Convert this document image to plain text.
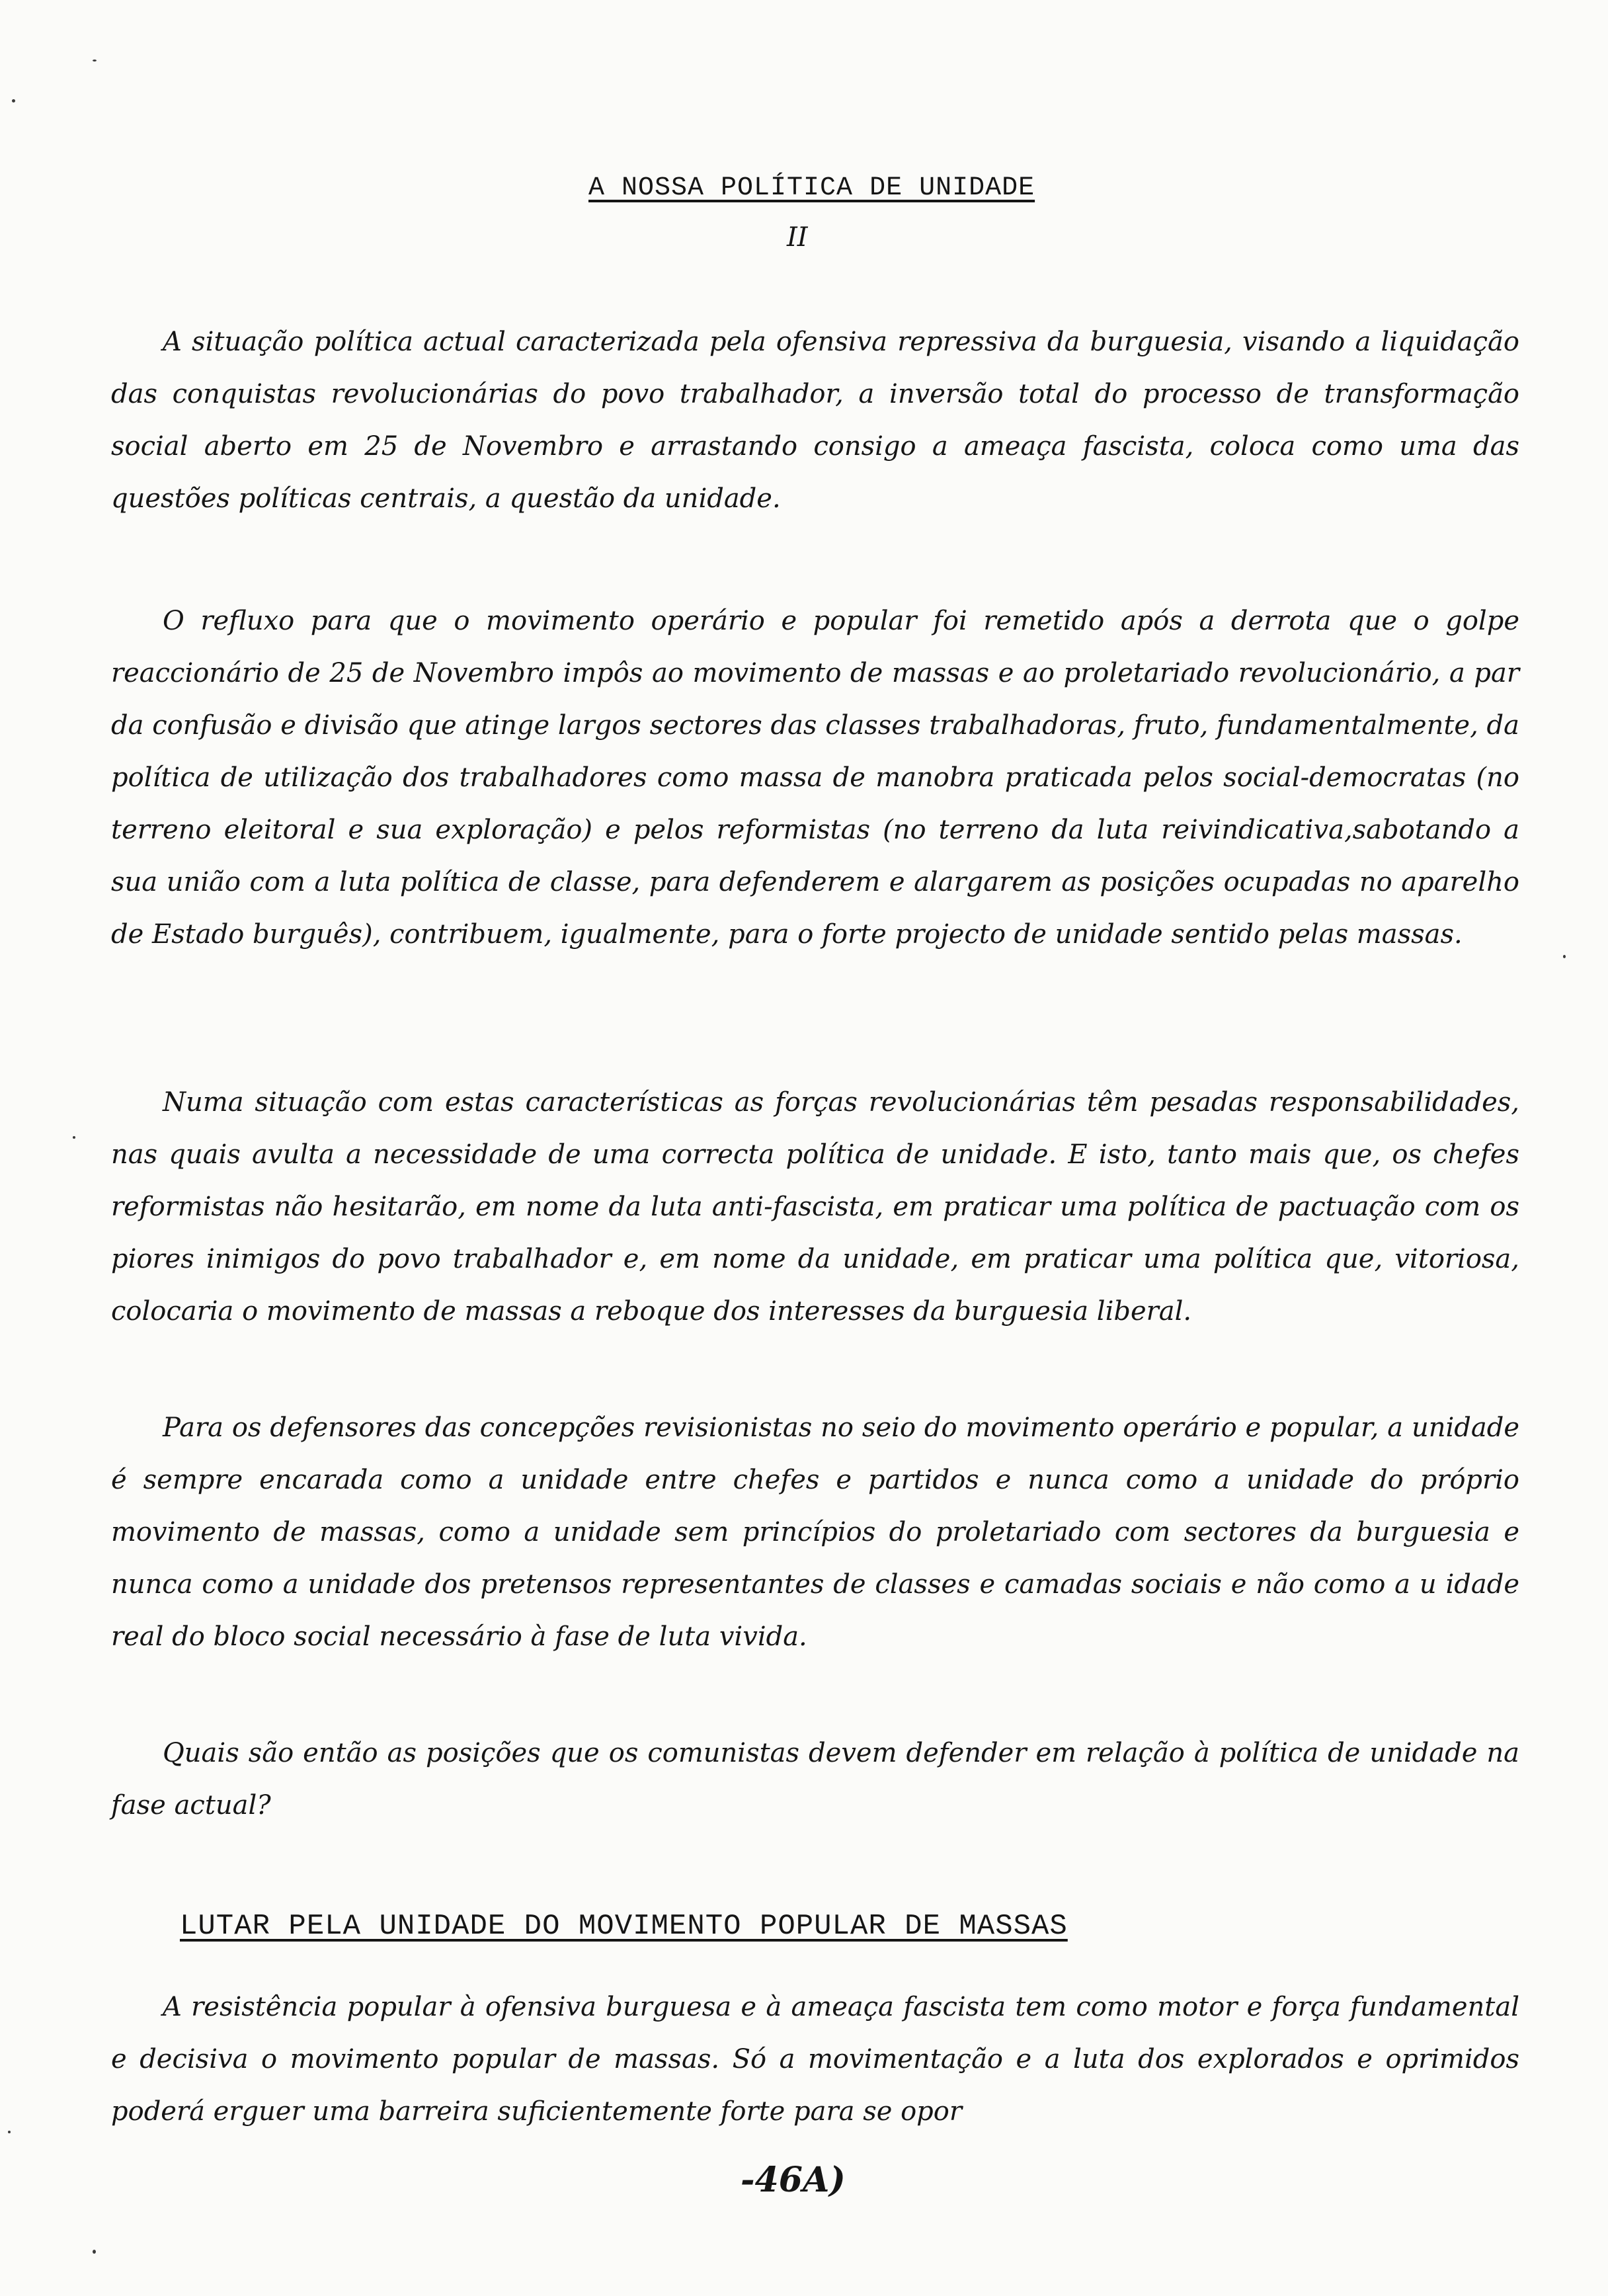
A NOSSA POLÍTICA DE UNIDADE
II

A situação política actual caracterizada pela ofensiva repressiva da burguesia, visando a liquidação das conquistas revolucionárias do povo trabalhador, a inversão total do processo de transformação social aberto em 25 de Novembro e arrastando consigo a ameaça fascista, coloca como uma das questões políticas centrais, a questão da unidade.

O refluxo para que o movimento operário e popular foi remetido após a derrota que o golpe reaccionário de 25 de Novembro impôs ao movimento de massas e ao proletariado revolucionário, a par da confusão e divisão que atinge largos sectores das classes trabalhadoras, fruto, fundamentalmente, da política de utilização dos trabalhadores como massa de manobra praticada pelos social-democratas (no terreno eleitoral e sua exploração) e pelos reformistas (no terreno da luta reivindicativa,sabotando a sua união com a luta política de classe, para defenderem e alargarem as posições ocupadas no aparelho de Estado burguês), contribuem, igualmente, para o forte projecto de unidade sentido pelas massas.

Numa situação com estas características as forças revolucionárias têm pesadas responsabilidades, nas quais avulta a necessidade de uma correcta política de unidade. E isto, tanto mais que, os chefes reformistas não hesitarão, em nome da luta anti-fascista, em praticar uma política de pactuação com os piores inimigos do povo trabalhador e, em nome da unidade, em praticar uma política que, vitoriosa, colocaria o movimento de massas a reboque dos interesses da burguesia liberal.

Para os defensores das concepções revisionistas no seio do movimento operário e popular, a unidade é sempre encarada como a unidade entre chefes e partidos e nunca como a unidade do próprio movimento de massas, como a unidade sem princípios do proletariado com sectores da burguesia e nunca como a unidade dos pretensos representantes de classes e camadas sociais e não como a u idade real do bloco social necessário à fase de luta vivida.

Quais são então as posições que os comunistas devem defender em relação à política de unidade na fase actual?

LUTAR PELA UNIDADE DO MOVIMENTO POPULAR DE MASSAS

A resistência popular à ofensiva burguesa e à ameaça fascista tem como motor e força fundamental e decisiva o movimento popular de massas. Só a movimentação e a luta dos explorados e oprimidos poderá erguer uma barreira suficientemente forte para se opor

-46A)
